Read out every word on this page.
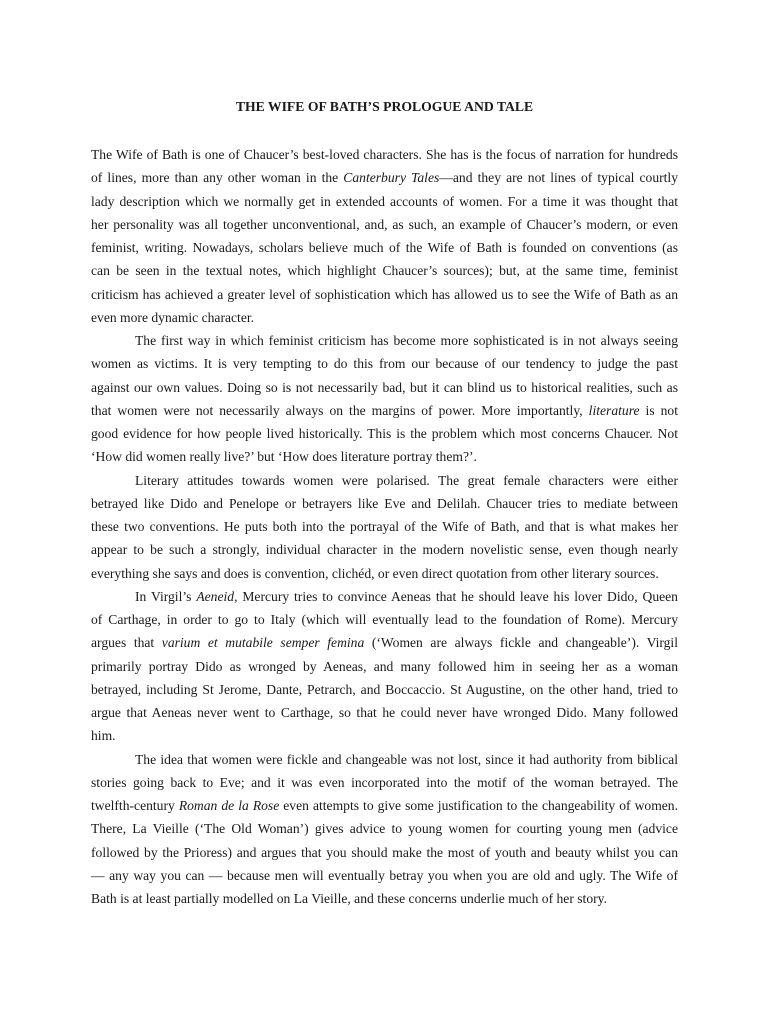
THE WIFE OF BATH’S PROLOGUE AND TALE
The Wife of Bath is one of Chaucer’s best-loved characters. She has is the focus of narration for hundreds
of lines, more than any other woman in the Canterbury Tales—and they are not lines of typical courtly
lady description which we normally get in extended accounts of women. For a time it was thought that
her personality was all together unconventional, and, as such, an example of Chaucer’s modern, or even
feminist, writing. Nowadays, scholars believe much of the Wife of Bath is founded on conventions (as
can be seen in the textual notes, which highlight Chaucer’s sources); but, at the same time, feminist
criticism has achieved a greater level of sophistication which has allowed us to see the Wife of Bath as an
even more dynamic character.
The first way in which feminist criticism has become more sophisticated is in not always seeing
women as victims. It is very tempting to do this from our because of our tendency to judge the past
against our own values. Doing so is not necessarily bad, but it can blind us to historical realities, such as
that women were not necessarily always on the margins of power. More importantly, literature is not
good evidence for how people lived historically. This is the problem which most concerns Chaucer. Not
‘How did women really live?’ but ‘How does literature portray them?’.
Literary attitudes towards women were polarised. The great female characters were either
betrayed like Dido and Penelope or betrayers like Eve and Delilah. Chaucer tries to mediate between
these two conventions. He puts both into the portrayal of the Wife of Bath, and that is what makes her
appear to be such a strongly, individual character in the modern novelistic sense, even though nearly
everything she says and does is convention, clichéd, or even direct quotation from other literary sources.
In Virgil’s Aeneid, Mercury tries to convince Aeneas that he should leave his lover Dido, Queen
of Carthage, in order to go to Italy (which will eventually lead to the foundation of Rome). Mercury
argues that varium et mutabile semper femina (‘Women are always fickle and changeable’). Virgil
primarily portray Dido as wronged by Aeneas, and many followed him in seeing her as a woman
betrayed, including St Jerome, Dante, Petrarch, and Boccaccio. St Augustine, on the other hand, tried to
argue that Aeneas never went to Carthage, so that he could never have wronged Dido. Many followed
him.
The idea that women were fickle and changeable was not lost, since it had authority from biblical
stories going back to Eve; and it was even incorporated into the motif of the woman betrayed. The
twelfth-century Roman de la Rose even attempts to give some justification to the changeability of women.
There, La Vieille (‘The Old Woman’) gives advice to young women for courting young men (advice
followed by the Prioress) and argues that you should make the most of youth and beauty whilst you can
— any way you can — because men will eventually betray you when you are old and ugly. The Wife of
Bath is at least partially modelled on La Vieille, and these concerns underlie much of her story.
